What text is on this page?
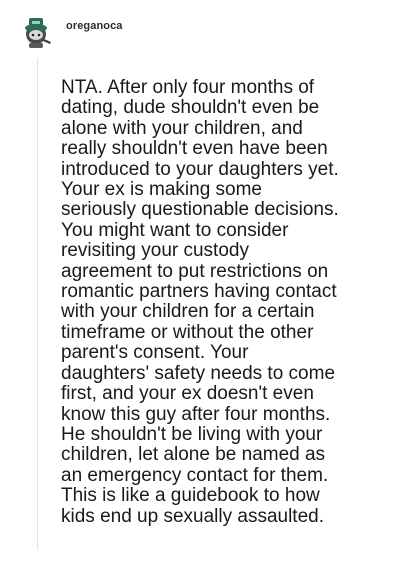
oreganoca
NTA. After only four months of
dating, dude shouldn't even be
alone with your children, and
really shouldn't even have been
introduced to your daughters yet.
Your ex is making some
seriously questionable decisions.
You might want to consider
revisiting your custody
agreement to put restrictions on
romantic partners having contact
with your children for a certain
timeframe or without the other
parent's consent. Your
daughters' safety needs to come
first, and your ex doesn't even
know this guy after four months.
He shouldn't be living with your
children, let alone be named as
an emergency contact for them.
This is like a guidebook to how
kids end up sexually assaulted.
